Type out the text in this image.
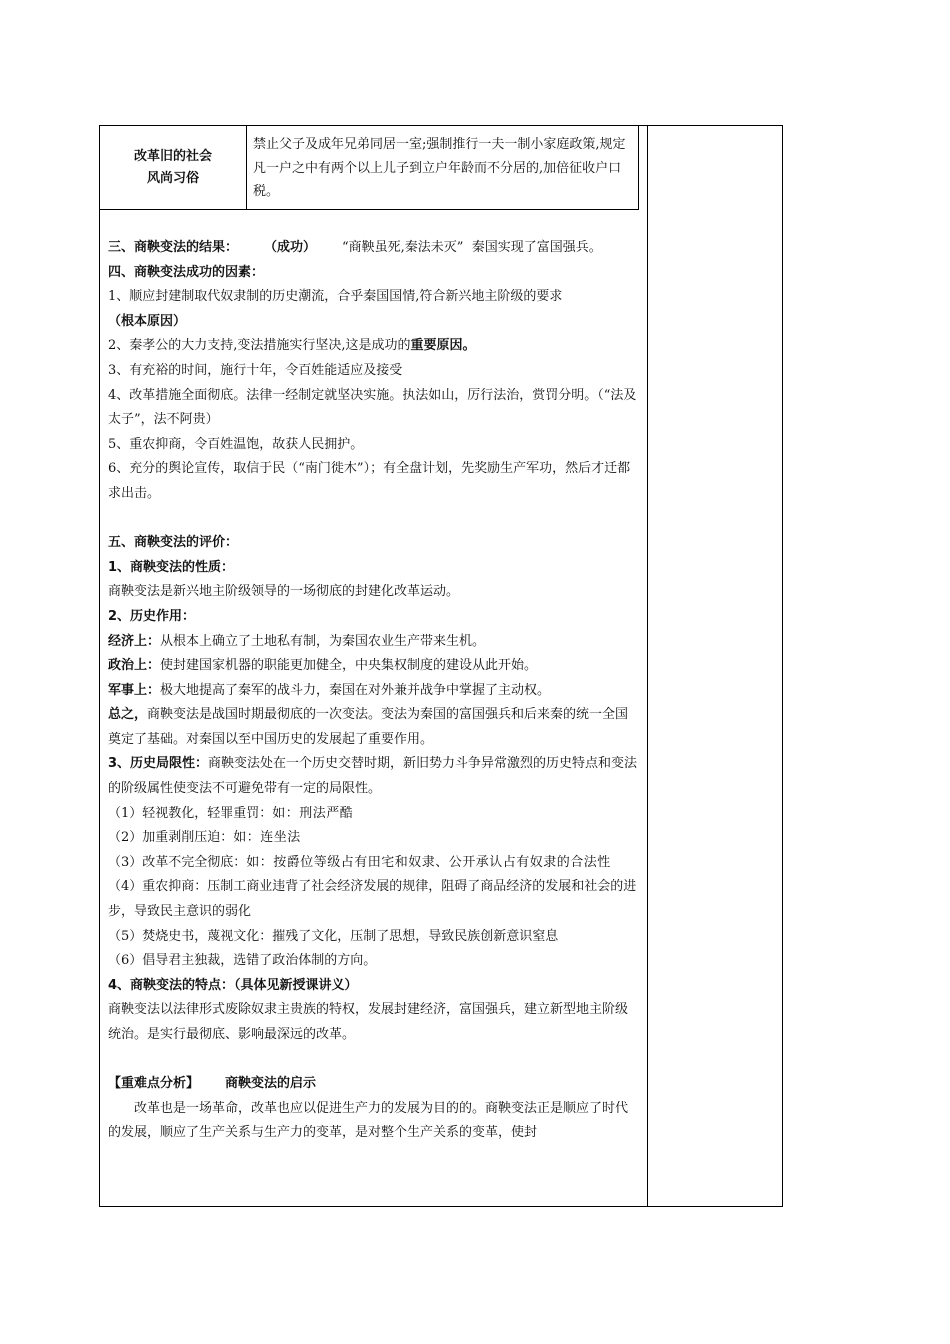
改革旧的社会
风尚习俗
禁止父子及成年兄弟同居一室;强制推行一夫一制小家庭政策,规定凡一户之中有两个以上儿子到立户年龄而不分居的,加倍征收户口税。

三、商鞅变法的结果： （成功） “商鞅虽死,秦法未灭” 秦国实现了富国强兵。

四、商鞅变法成功的因素：

1、顺应封建制取代奴隶制的历史潮流，合乎秦国国情,符合新兴地主阶级的要求（根本原因）

2、秦孝公的大力支持,变法措施实行坚决,这是成功的重要原因。

3、有充裕的时间，施行十年，令百姓能适应及接受

4、改革措施全面彻底。法律一经制定就坚决实施。执法如山，厉行法治，赏罚分明。（“法及太子”，法不阿贵）

5、重农抑商，令百姓温饱，故获人民拥护。

6、充分的舆论宣传，取信于民（“南门徙木”）；有全盘计划，先奖励生产军功，然后才迁都求出击。

五、商鞅变法的评价：

1、商鞅变法的性质：

商鞅变法是新兴地主阶级领导的一场彻底的封建化改革运动。

2、历史作用：

经济上：从根本上确立了土地私有制，为秦国农业生产带来生机。

政治上：使封建国家机器的职能更加健全，中央集权制度的建设从此开始。

军事上：极大地提高了秦军的战斗力，秦国在对外兼并战争中掌握了主动权。

总之，商鞅变法是战国时期最彻底的一次变法。变法为秦国的富国强兵和后来秦的统一全国奠定了基础。对秦国以至中国历史的发展起了重要作用。

3、历史局限性：商鞅变法处在一个历史交替时期，新旧势力斗争异常激烈的历史特点和变法的阶级属性使变法不可避免带有一定的局限性。

（1）轻视教化，轻罪重罚：如：刑法严酷

（2）加重剥削压迫：如：连坐法

（3）改革不完全彻底：如：按爵位等级占有田宅和奴隶、公开承认占有奴隶的合法性

（4）重农抑商：压制工商业违背了社会经济发展的规律，阻碍了商品经济的发展和社会的进步，导致民主意识的弱化

（5）焚烧史书，蔑视文化：摧残了文化，压制了思想，导致民族创新意识窒息

（6）倡导君主独裁，选错了政治体制的方向。

4、商鞅变法的特点：（具体见新授课讲义）

商鞅变法以法律形式废除奴隶主贵族的特权，发展封建经济，富国强兵，建立新型地主阶级统治。是实行最彻底、影响最深远的改革。

【重难点分析】 商鞅变法的启示

改革也是一场革命，改革也应以促进生产力的发展为目的的。商鞅变法正是顺应了时代的发展，顺应了生产关系与生产力的变革，是对整个生产关系的变革，使封
